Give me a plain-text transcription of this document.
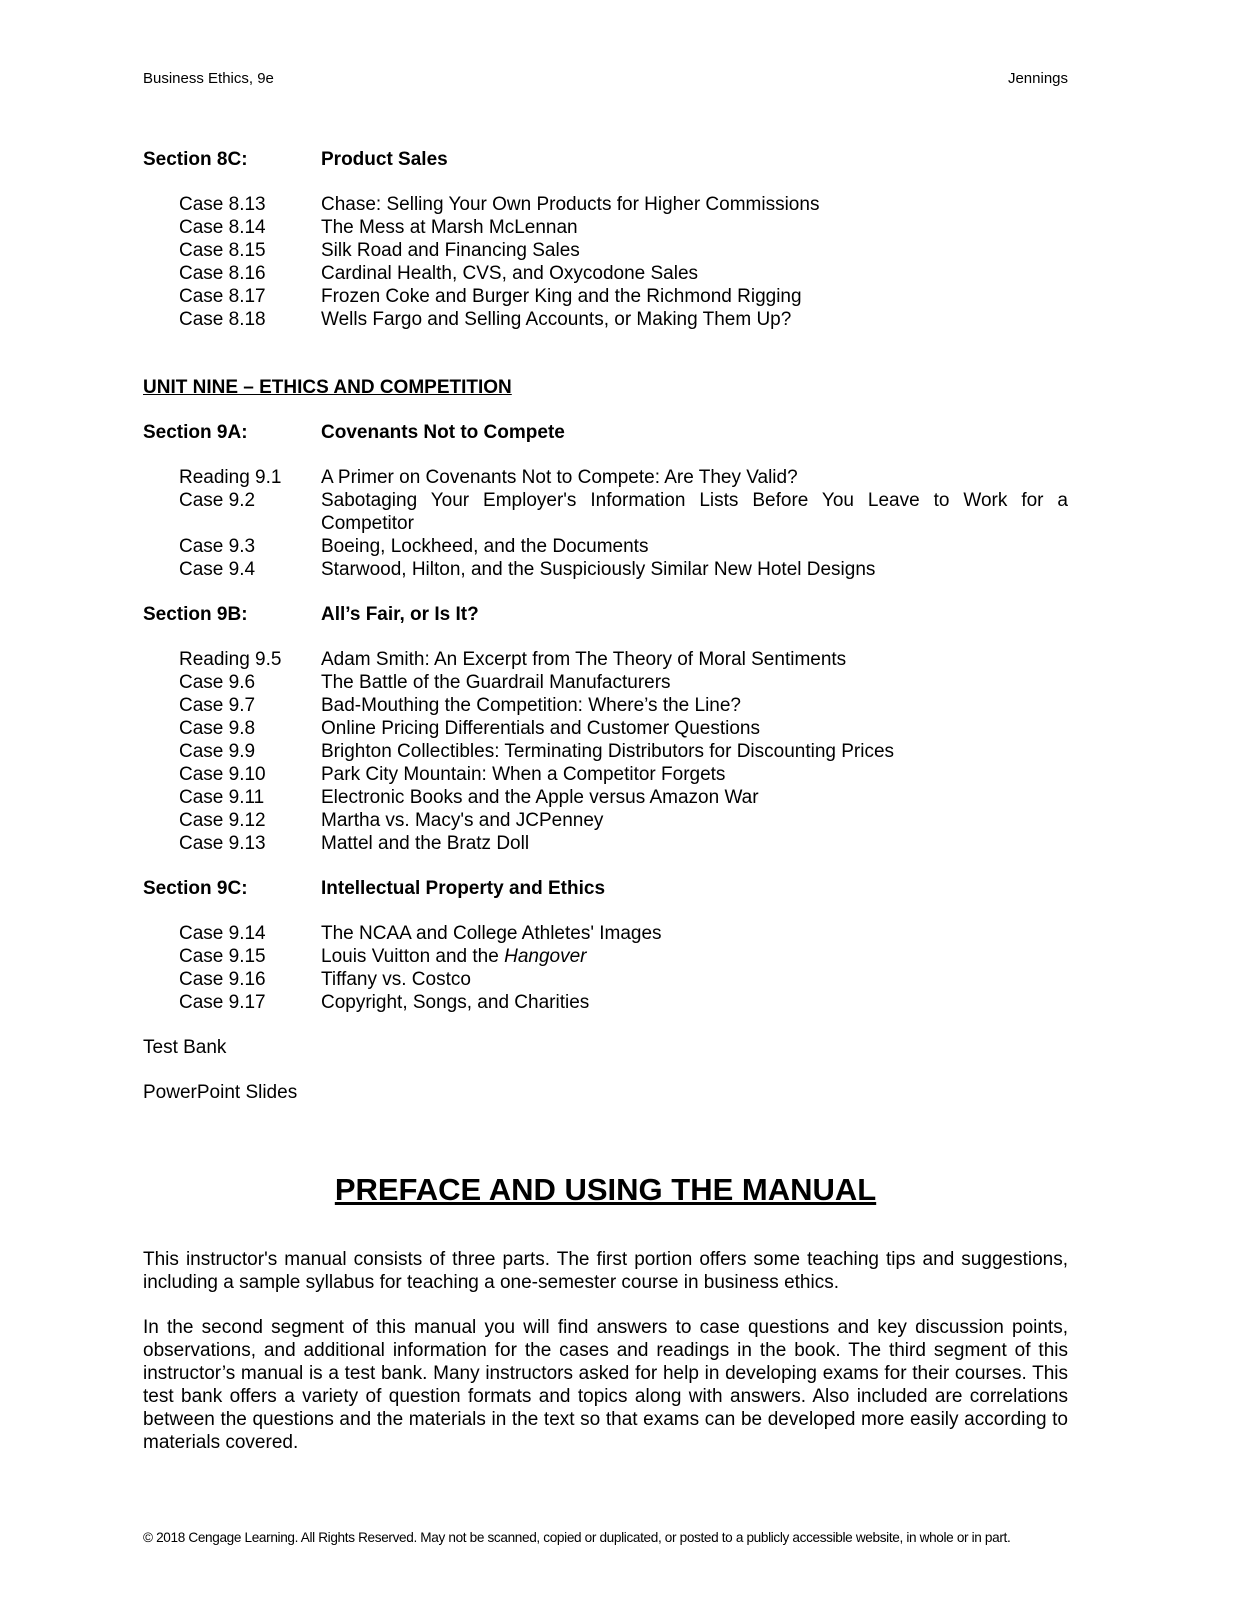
Business Ethics, 9e	Jennings
Section 8C:	Product Sales
Case 8.13	Chase: Selling Your Own Products for Higher Commissions
Case 8.14	The Mess at Marsh McLennan
Case 8.15	Silk Road and Financing Sales
Case 8.16	Cardinal Health, CVS, and Oxycodone Sales
Case 8.17	Frozen Coke and Burger King and the Richmond Rigging
Case 8.18	Wells Fargo and Selling Accounts, or Making Them Up?
UNIT NINE – ETHICS AND COMPETITION
Section 9A:	Covenants Not to Compete
Reading 9.1	A Primer on Covenants Not to Compete: Are They Valid?
Case 9.2	Sabotaging Your Employer's Information Lists Before You Leave to Work for a Competitor
Case 9.3	Boeing, Lockheed, and the Documents
Case 9.4	Starwood, Hilton, and the Suspiciously Similar New Hotel Designs
Section 9B:	All’s Fair, or Is It?
Reading 9.5	Adam Smith: An Excerpt from The Theory of Moral Sentiments
Case 9.6	The Battle of the Guardrail Manufacturers
Case 9.7	Bad-Mouthing the Competition: Where’s the Line?
Case 9.8	Online Pricing Differentials and Customer Questions
Case 9.9	Brighton Collectibles: Terminating Distributors for Discounting Prices
Case 9.10	Park City Mountain: When a Competitor Forgets
Case 9.11	Electronic Books and the Apple versus Amazon War
Case 9.12	Martha vs. Macy's and JCPenney
Case 9.13	Mattel and the Bratz Doll
Section 9C:	Intellectual Property and Ethics
Case 9.14	The NCAA and College Athletes' Images
Case 9.15	Louis Vuitton and the Hangover
Case 9.16	Tiffany vs. Costco
Case 9.17	Copyright, Songs, and Charities
Test Bank
PowerPoint Slides
PREFACE AND USING THE MANUAL
This instructor's manual consists of three parts. The first portion offers some teaching tips and suggestions, including a sample syllabus for teaching a one-semester course in business ethics.
In the second segment of this manual you will find answers to case questions and key discussion points, observations, and additional information for the cases and readings in the book. The third segment of this instructor’s manual is a test bank. Many instructors asked for help in developing exams for their courses. This test bank offers a variety of question formats and topics along with answers. Also included are correlations between the questions and the materials in the text so that exams can be developed more easily according to materials covered.
© 2018 Cengage Learning. All Rights Reserved. May not be scanned, copied or duplicated, or posted to a publicly accessible website, in whole or in part.
